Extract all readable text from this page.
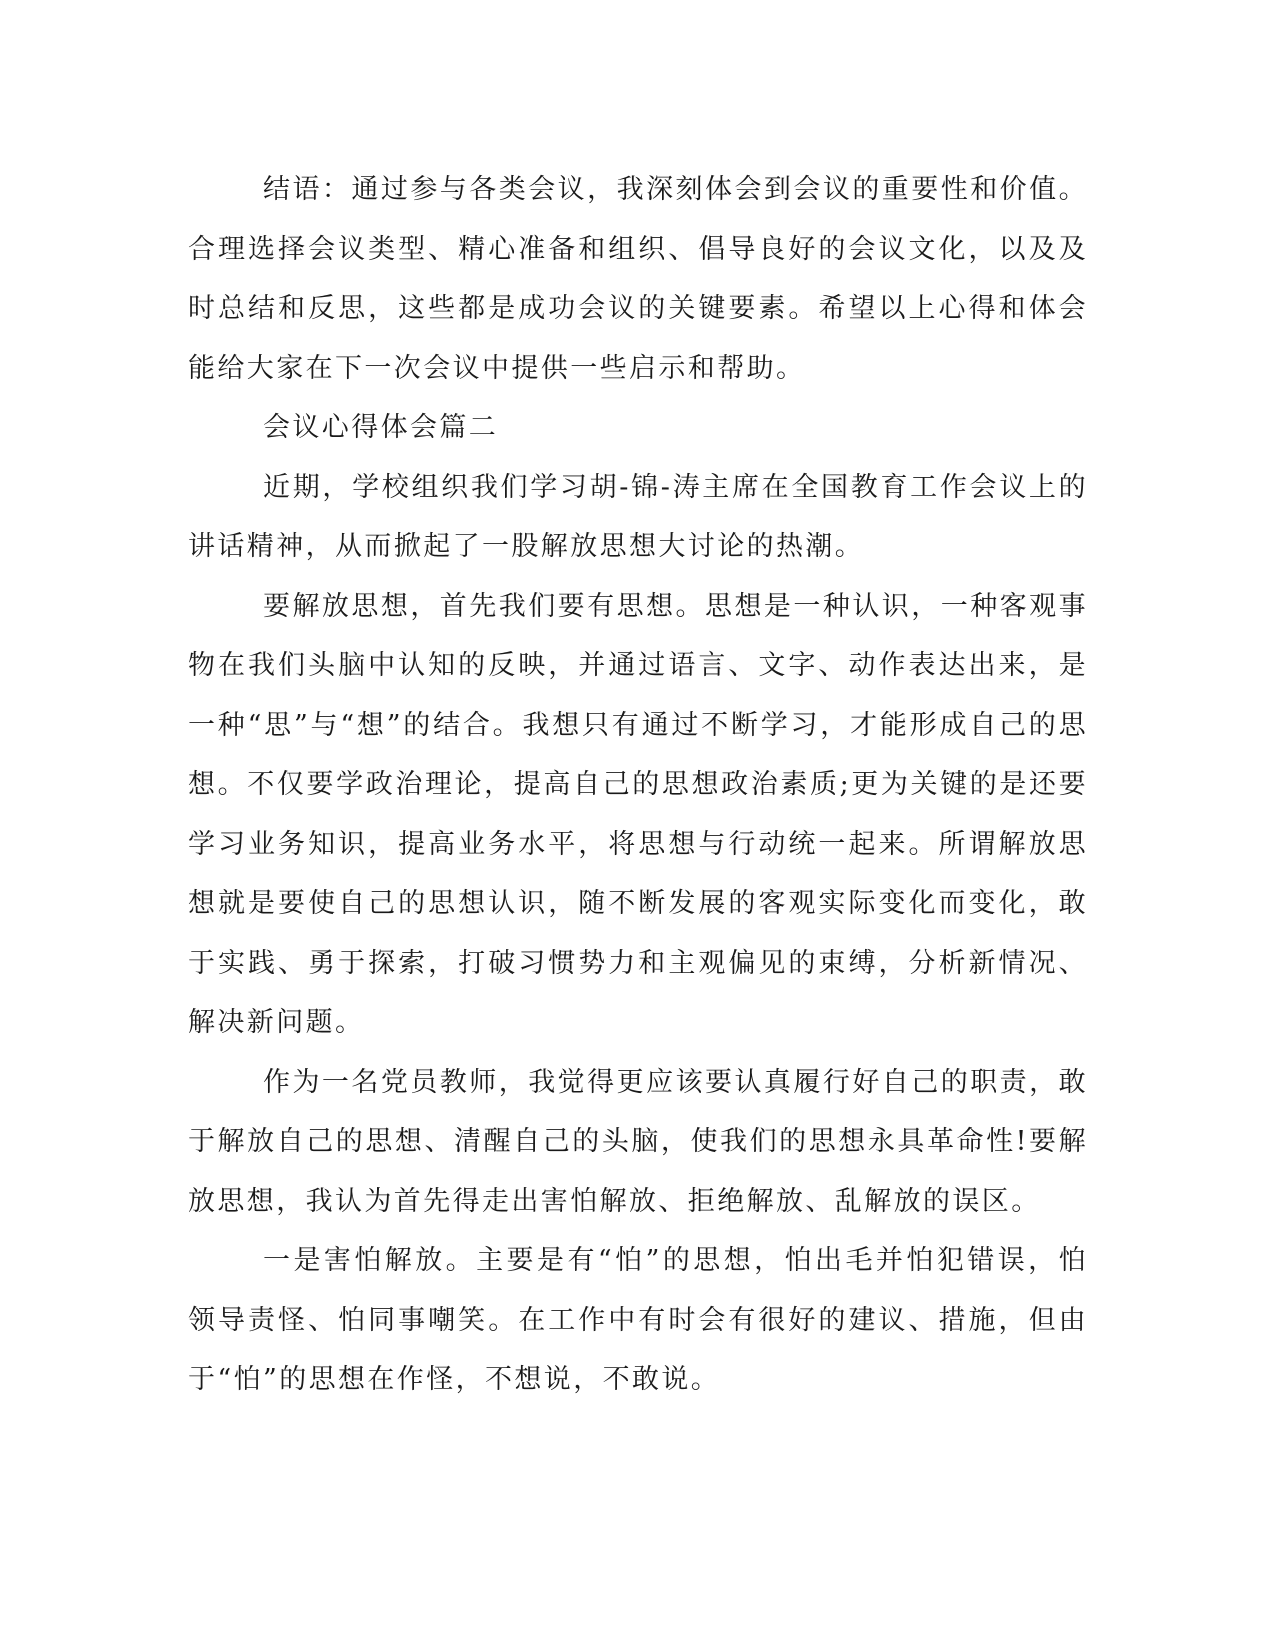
结语：通过参与各类会议，我深刻体会到会议的重要性和价值。合理选择会议类型、精心准备和组织、倡导良好的会议文化，以及及时总结和反思，这些都是成功会议的关键要素。希望以上心得和体会能给大家在下一次会议中提供一些启示和帮助。

会议心得体会篇二

近期，学校组织我们学习胡-锦-涛主席在全国教育工作会议上的讲话精神，从而掀起了一股解放思想大讨论的热潮。

要解放思想，首先我们要有思想。思想是一种认识，一种客观事物在我们头脑中认知的反映，并通过语言、文字、动作表达出来，是一种“思”与“想”的结合。我想只有通过不断学习，才能形成自己的思想。不仅要学政治理论，提高自己的思想政治素质;更为关键的是还要学习业务知识，提高业务水平，将思想与行动统一起来。所谓解放思想就是要使自己的思想认识，随不断发展的客观实际变化而变化，敢于实践、勇于探索，打破习惯势力和主观偏见的束缚，分析新情况、解决新问题。

作为一名党员教师，我觉得更应该要认真履行好自己的职责，敢于解放自己的思想、清醒自己的头脑，使我们的思想永具革命性!要解放思想，我认为首先得走出害怕解放、拒绝解放、乱解放的误区。

一是害怕解放。主要是有“怕”的思想，怕出毛并怕犯错误，怕领导责怪、怕同事嘲笑。在工作中有时会有很好的建议、措施，但由于“怕”的思想在作怪，不想说，不敢说。
